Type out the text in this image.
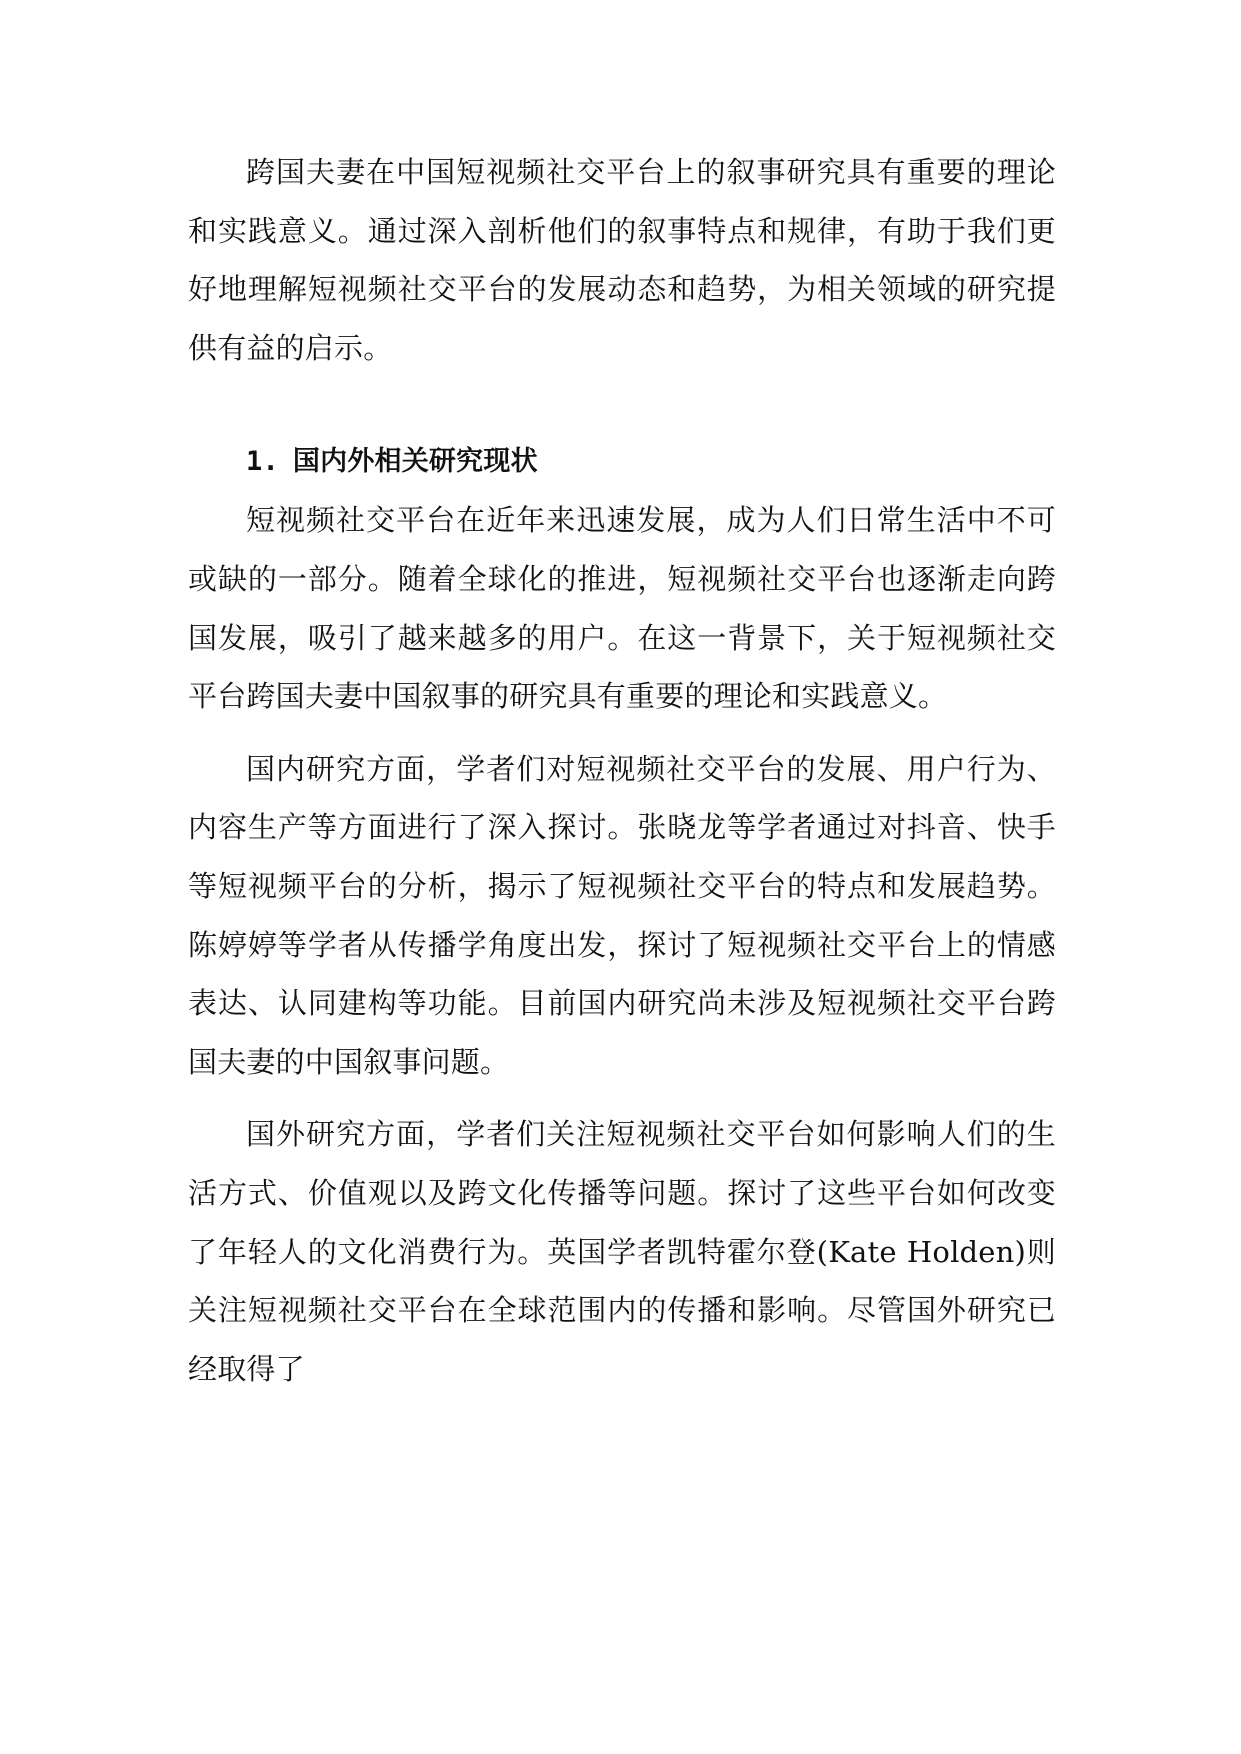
跨国夫妻在中国短视频社交平台上的叙事研究具有重要的理论和实践意义。通过深入剖析他们的叙事特点和规律，有助于我们更好地理解短视频社交平台的发展动态和趋势，为相关领域的研究提供有益的启示。

1. 国内外相关研究现状

短视频社交平台在近年来迅速发展，成为人们日常生活中不可或缺的一部分。随着全球化的推进，短视频社交平台也逐渐走向跨国发展，吸引了越来越多的用户。在这一背景下，关于短视频社交平台跨国夫妻中国叙事的研究具有重要的理论和实践意义。

国内研究方面，学者们对短视频社交平台的发展、用户行为、内容生产等方面进行了深入探讨。张晓龙等学者通过对抖音、快手等短视频平台的分析，揭示了短视频社交平台的特点和发展趋势。陈婷婷等学者从传播学角度出发，探讨了短视频社交平台上的情感表达、认同建构等功能。目前国内研究尚未涉及短视频社交平台跨国夫妻的中国叙事问题。

国外研究方面，学者们关注短视频社交平台如何影响人们的生活方式、价值观以及跨文化传播等问题。探讨了这些平台如何改变了年轻人的文化消费行为。英国学者凯特霍尔登(Kate Holden)则关注短视频社交平台在全球范围内的传播和影响。尽管国外研究已经取得了
